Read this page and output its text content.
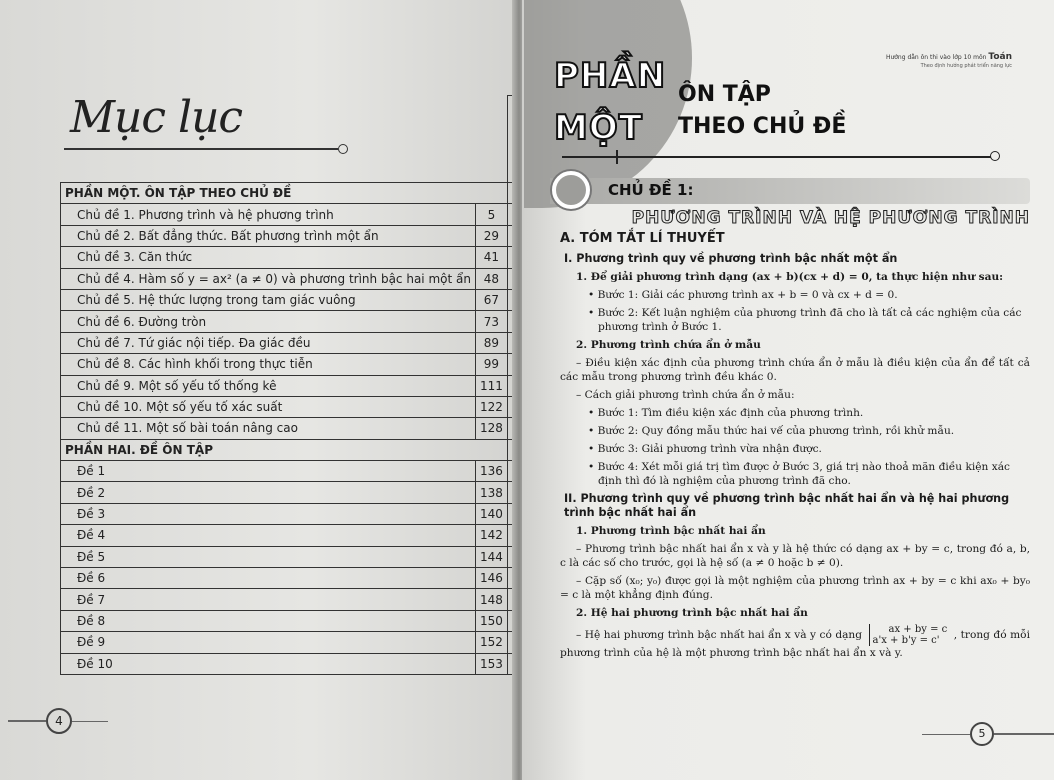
Mục lục

PHẦN MỘT. ÔN TẬP THEO CHỦ ĐỀ		
Chủ đề 1. Phương trình và hệ phương trình	5	
Chủ đề 2. Bất đẳng thức. Bất phương trình một ẩn	29	
Chủ đề 3. Căn thức	41	
Chủ đề 4. Hàm số y = ax² (a ≠ 0) và phương trình bậc hai một ẩn	48	
Chủ đề 5. Hệ thức lượng trong tam giác vuông	67	
Chủ đề 6. Đường tròn	73	
Chủ đề 7. Tứ giác nội tiếp. Đa giác đều	89	
Chủ đề 8. Các hình khối trong thực tiễn	99	
Chủ đề 9. Một số yếu tố thống kê	111	
Chủ đề 10. Một số yếu tố xác suất	122	
Chủ đề 11. Một số bài toán nâng cao	128	
PHẦN HAI. ĐỀ ÔN TẬP		
Đề 1	136	
Đề 2	138	
Đề 3	140	
Đề 4	142	
Đề 5	144	
Đề 6	146	
Đề 7	148	
Đề 8	150	
Đề 9	152	
Đề 10	153	
4
Hướng dẫn ôn thi vào lớp 10 môn Toán
Theo định hướng phát triển năng lực
PHẦN
MỘT
ÔN TẬP
THEO CHỦ ĐỀ
CHỦ ĐỀ 1:
PHƯƠNG TRÌNH VÀ HỆ PHƯƠNG TRÌNH
A. TÓM TẮT LÍ THUYẾT
I. Phương trình quy về phương trình bậc nhất một ẩn
1. Để giải phương trình dạng (ax + b)(cx + d) = 0, ta thực hiện như sau:
• Bước 1: Giải các phương trình ax + b = 0 và cx + d = 0.
• Bước 2: Kết luận nghiệm của phương trình đã cho là tất cả các nghiệm của các phương trình ở Bước 1.
2. Phương trình chứa ẩn ở mẫu
– Điều kiện xác định của phương trình chứa ẩn ở mẫu là điều kiện của ẩn để tất cả các mẫu trong phương trình đều khác 0.
– Cách giải phương trình chứa ẩn ở mẫu:
• Bước 1: Tìm điều kiện xác định của phương trình.
• Bước 2: Quy đồng mẫu thức hai vế của phương trình, rồi khử mẫu.
• Bước 3: Giải phương trình vừa nhận được.
• Bước 4: Xét mỗi giá trị tìm được ở Bước 3, giá trị nào thoả mãn điều kiện xác định thì đó là nghiệm của phương trình đã cho.
II. Phương trình quy về phương trình bậc nhất hai ẩn và hệ hai phương trình bậc nhất hai ẩn
1. Phương trình bậc nhất hai ẩn
– Phương trình bậc nhất hai ẩn x và y là hệ thức có dạng ax + by = c, trong đó a, b, c là các số cho trước, gọi là hệ số (a ≠ 0 hoặc b ≠ 0).
– Cặp số (x₀; y₀) được gọi là một nghiệm của phương trình ax + by = c khi ax₀ + by₀ = c là một khẳng định đúng.
2. Hệ hai phương trình bậc nhất hai ẩn
– Hệ hai phương trình bậc nhất hai ẩn x và y có dạng	ax + by = c
a'x + b'y = c' , trong đó mỗi phương trình của hệ là một phương trình bậc nhất hai ẩn x và y.
5
